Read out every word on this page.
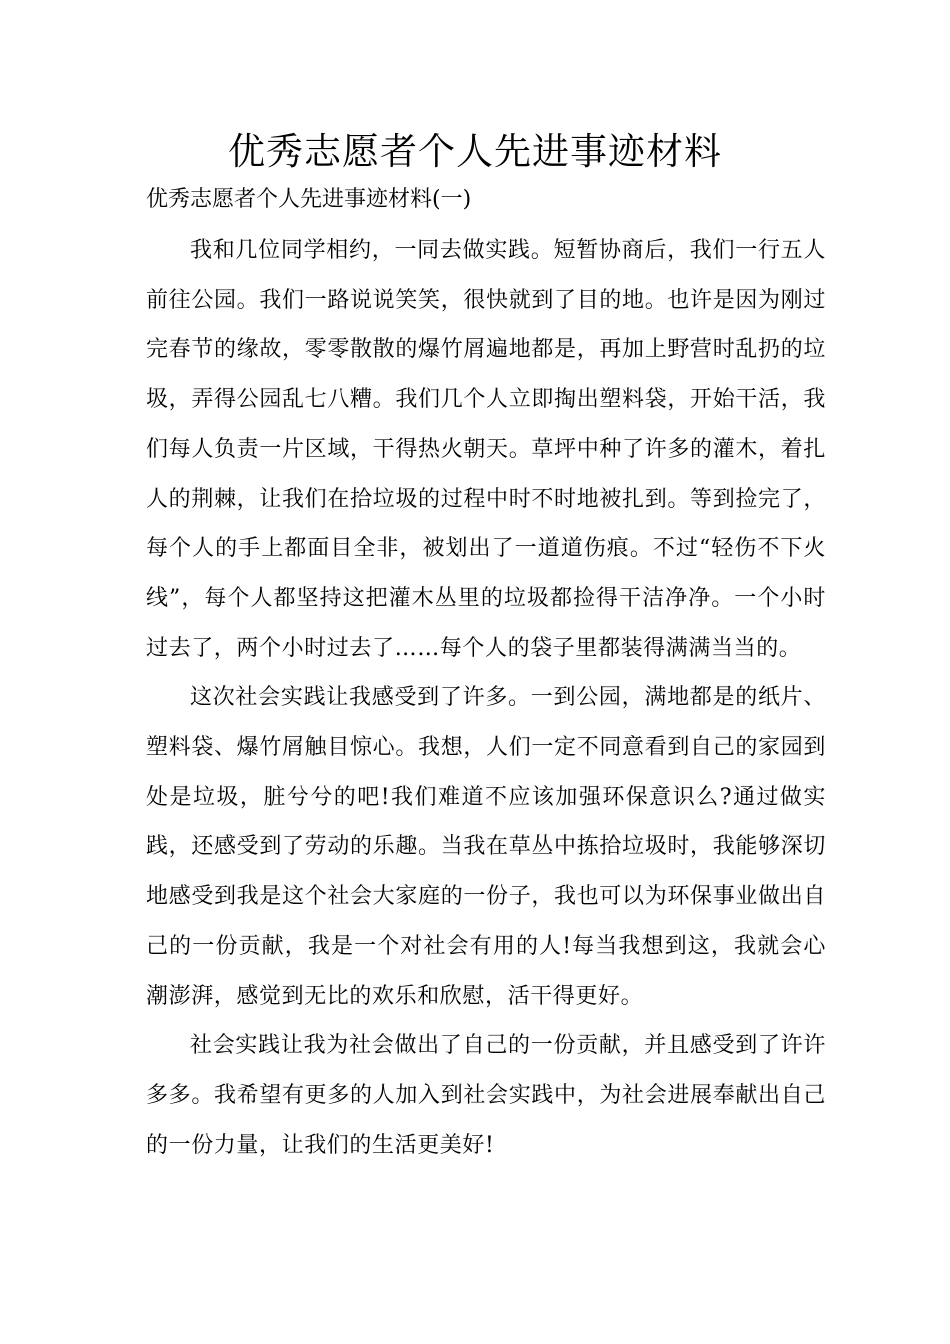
优秀志愿者个人先进事迹材料

优秀志愿者个人先进事迹材料(一)

我和几位同学相约，一同去做实践。短暂协商后，我们一行五人前往公园。我们一路说说笑笑，很快就到了目的地。也许是因为刚过完春节的缘故，零零散散的爆竹屑遍地都是，再加上野营时乱扔的垃圾，弄得公园乱七八糟。我们几个人立即掏出塑料袋，开始干活，我们每人负责一片区域，干得热火朝天。草坪中种了许多的灌木，着扎人的荆棘，让我们在拾垃圾的过程中时不时地被扎到。等到捡完了，每个人的手上都面目全非，被划出了一道道伤痕。不过“轻伤不下火线”，每个人都坚持这把灌木丛里的垃圾都捡得干洁净净。一个小时过去了，两个小时过去了……每个人的袋子里都装得满满当当的。

这次社会实践让我感受到了许多。一到公园，满地都是的纸片、塑料袋、爆竹屑触目惊心。我想，人们一定不同意看到自己的家园到处是垃圾，脏兮兮的吧!我们难道不应该加强环保意识么?通过做实践，还感受到了劳动的乐趣。当我在草丛中拣拾垃圾时，我能够深切地感受到我是这个社会大家庭的一份子，我也可以为环保事业做出自己的一份贡献，我是一个对社会有用的人!每当我想到这，我就会心潮澎湃，感觉到无比的欢乐和欣慰，活干得更好。

社会实践让我为社会做出了自己的一份贡献，并且感受到了许许多多。我希望有更多的人加入到社会实践中，为社会进展奉献出自己的一份力量，让我们的生活更美好!
